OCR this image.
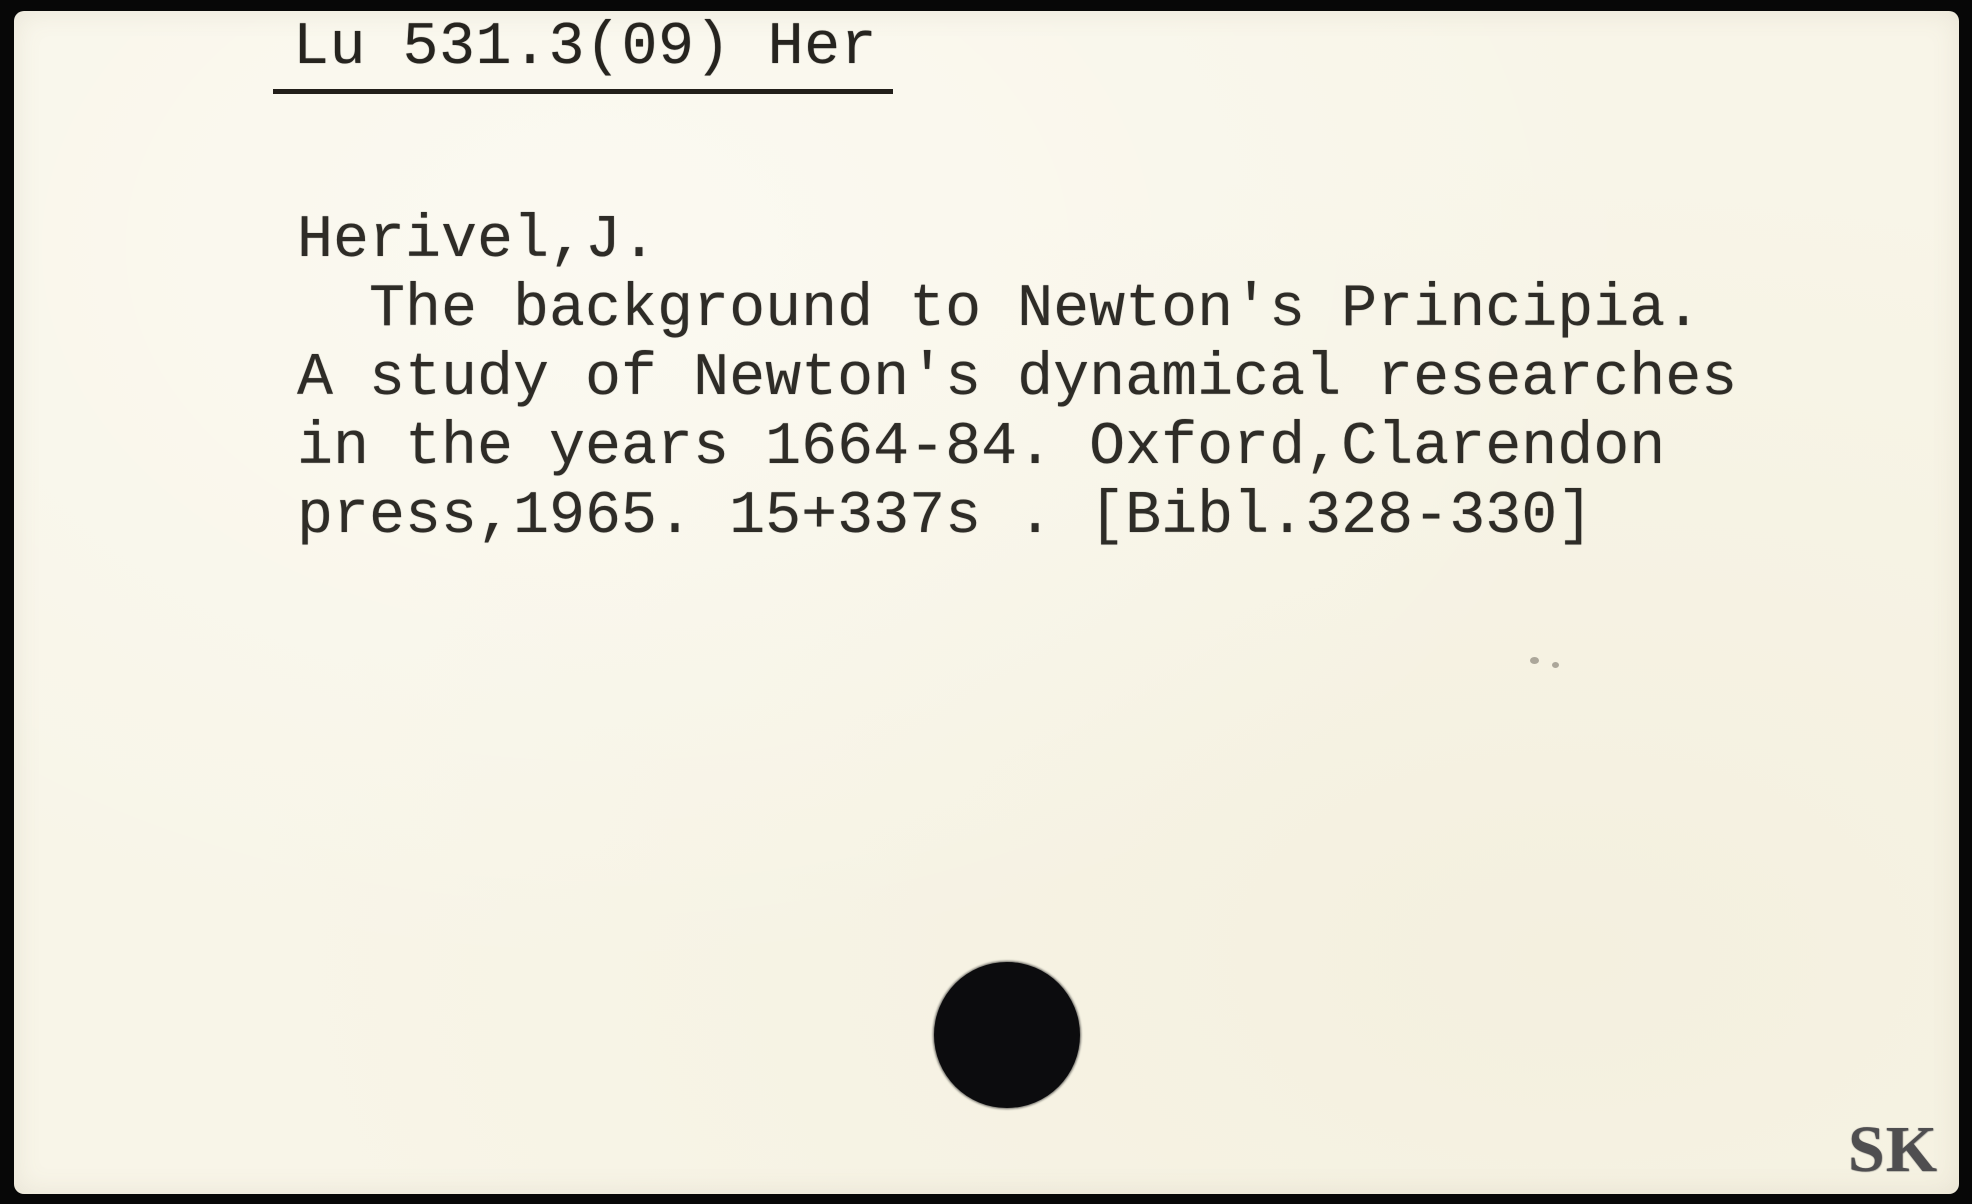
Lu 531.3(09) Her
Herivel,J.
The background to Newton's Principia.
A study of Newton's dynamical researches
in the years 1664-84. Oxford,Clarendon
press,1965. 15+337s . [Bibl.328-330]
SK
